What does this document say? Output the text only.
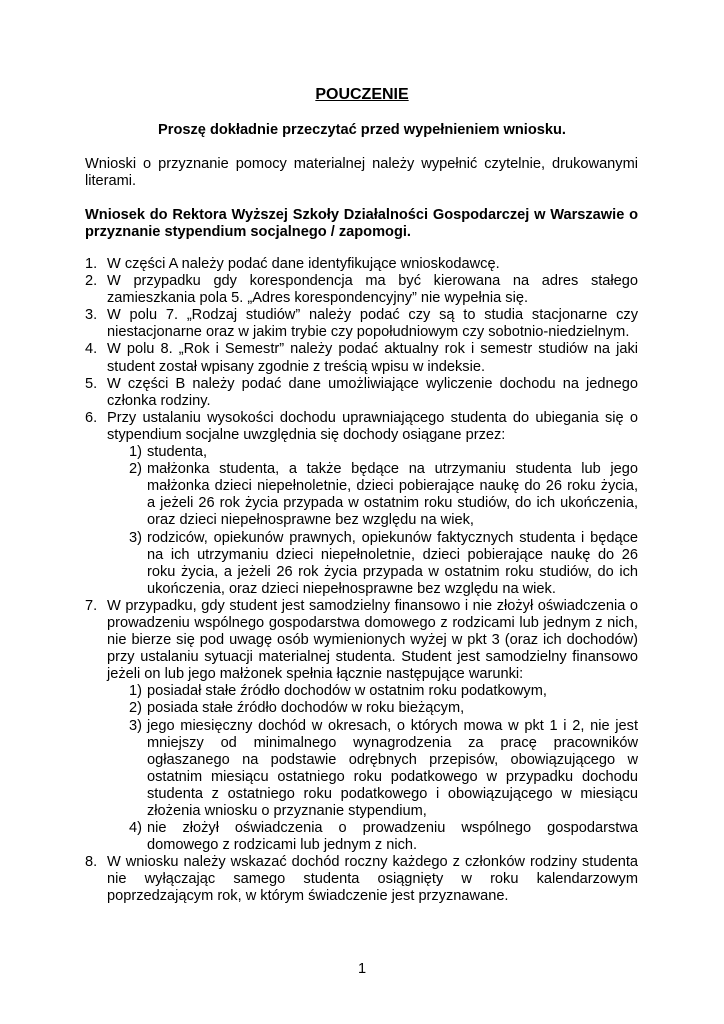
POUCZENIE
Proszę dokładnie przeczytać przed wypełnieniem wniosku.
Wnioski o przyznanie pomocy materialnej należy wypełnić czytelnie, drukowanymi literami.
Wniosek do Rektora Wyższej Szkoły Działalności Gospodarczej w Warszawie o przyznanie stypendium socjalnego / zapomogi.
1. W części A należy podać dane identyfikujące wnioskodawcę.
2. W przypadku gdy korespondencja ma być kierowana na adres stałego zamieszkania pola 5. „Adres korespondencyjny” nie wypełnia się.
3. W polu 7. „Rodzaj studiów” należy podać czy są to studia stacjonarne czy niestacjonarne oraz w jakim trybie czy popołudniowym czy sobotnio-niedzielnym.
4. W polu 8. „Rok i Semestr” należy podać aktualny rok i semestr studiów na jaki student został wpisany zgodnie z treścią wpisu w indeksie.
5. W części B należy podać dane umożliwiające wyliczenie dochodu na jednego członka rodziny.
6. Przy ustalaniu wysokości dochodu uprawniającego studenta do ubiegania się o stypendium socjalne uwzględnia się dochody osiągane przez:
1) studenta,
2) małżonka studenta, a także będące na utrzymaniu studenta lub jego małżonka dzieci niepełnoletnie, dzieci pobierające naukę do 26 roku życia, a jeżeli 26 rok życia przypada w ostatnim roku studiów, do ich ukończenia, oraz dzieci niepełnosprawne bez względu na wiek,
3) rodziców, opiekunów prawnych, opiekunów faktycznych studenta i będące na ich utrzymaniu dzieci niepełnoletnie, dzieci pobierające naukę do 26 roku życia, a jeżeli 26 rok życia przypada w ostatnim roku studiów, do ich ukończenia, oraz dzieci niepełnosprawne bez względu na wiek.
7. W przypadku, gdy student jest samodzielny finansowo i nie złożył oświadczenia o prowadzeniu wspólnego gospodarstwa domowego z rodzicami lub jednym z nich, nie bierze się pod uwagę osób wymienionych wyżej w pkt 3 (oraz ich dochodów) przy ustalaniu sytuacji materialnej studenta. Student jest samodzielny finansowo jeżeli on lub jego małżonek spełnia łącznie następujące warunki:
1) posiadał stałe źródło dochodów w ostatnim roku podatkowym,
2) posiada stałe źródło dochodów w roku bieżącym,
3) jego miesięczny dochód w okresach, o których mowa w pkt 1 i 2, nie jest mniejszy od minimalnego wynagrodzenia za pracę pracowników ogłaszanego na podstawie odrębnych przepisów, obowiązującego w ostatnim miesiącu ostatniego roku podatkowego w przypadku dochodu studenta z ostatniego roku podatkowego i obowiązującego w miesiącu złożenia wniosku o przyznanie stypendium,
4) nie złożył oświadczenia o prowadzeniu wspólnego gospodarstwa domowego z rodzicami lub jednym z nich.
8. W wniosku należy wskazać dochód roczny każdego z członków rodziny studenta nie wyłączając samego studenta osiągnięty w roku kalendarzowym poprzedzającym rok, w którym świadczenie jest przyznawane.
1
